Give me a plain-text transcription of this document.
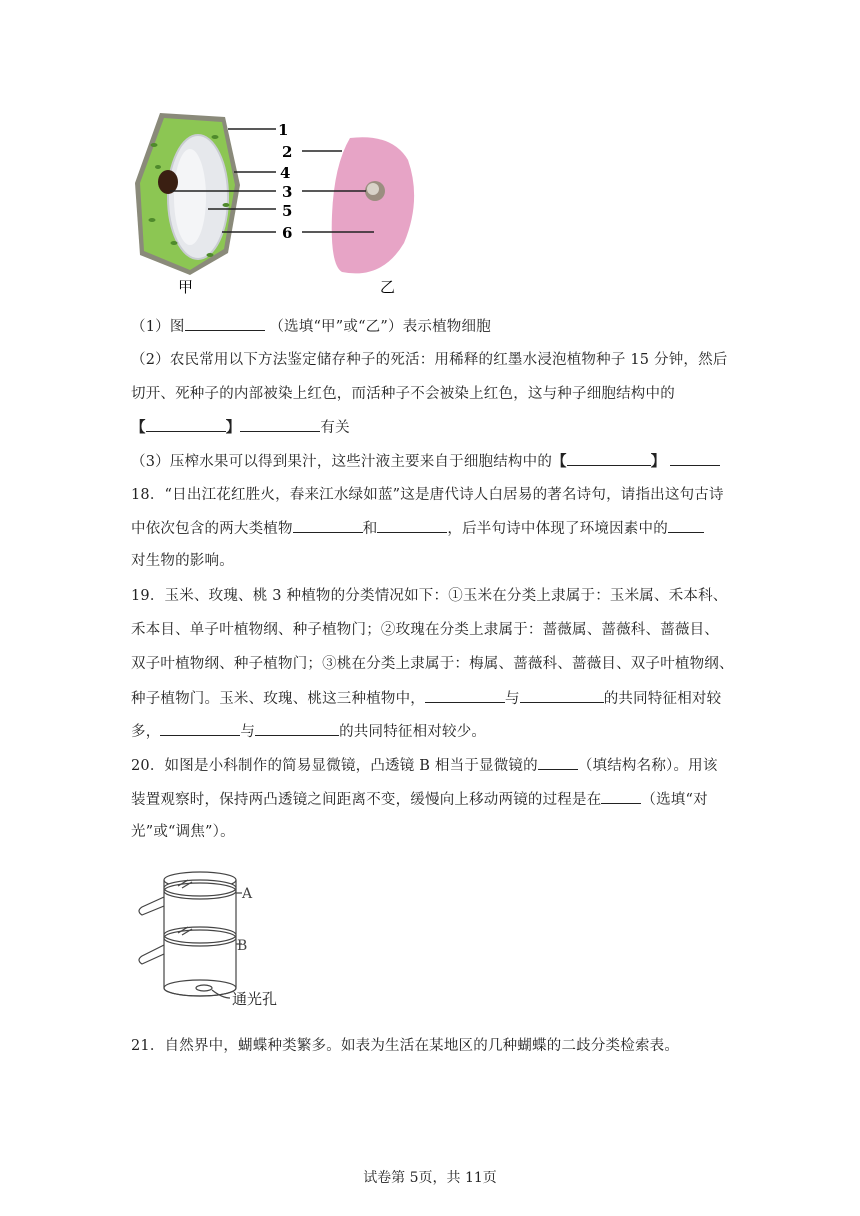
1
2
4
3
5
6
甲	乙
（1）图	（选填“甲”或“乙”）表示植物细胞
（2）农民常用以下方法鉴定储存种子的死活：用稀释的红墨水浸泡植物种子 15 分钟，然后
切开、死种子的内部被染上红色，而活种子不会被染上红色，这与种子细胞结构中的
【	】	有关
（3）压榨水果可以得到果汁，这些汁液主要来自于细胞结构中的【	】
18．“日出江花红胜火，春来江水绿如蓝”这是唐代诗人白居易的著名诗句，请指出这句古诗
中依次包含的两大类植物	和	，后半句诗中体现了环境因素中的
对生物的影响。
19．玉米、玫瑰、桃 3 种植物的分类情况如下：①玉米在分类上隶属于：玉米属、禾本科、
禾本目、单子叶植物纲、种子植物门；②玫瑰在分类上隶属于：蔷薇属、蔷薇科、蔷薇目、
双子叶植物纲、种子植物门；③桃在分类上隶属于：梅属、蔷薇科、蔷薇目、双子叶植物纲、
种子植物门。玉米、玫瑰、桃这三种植物中，	与	的共同特征相对较
多，	与	的共同特征相对较少。
20．如图是小科制作的简易显微镜，凸透镜 B 相当于显微镜的	（填结构名称）。用该
装置观察时，保持两凸透镜之间距离不变，缓慢向上移动两镜的过程是在	（选填“对
光”或“调焦”）。
A
B
通光孔
21．自然界中，蝴蝶种类繁多。如表为生活在某地区的几种蝴蝶的二歧分类检索表。
试卷第 5页，共 11页
